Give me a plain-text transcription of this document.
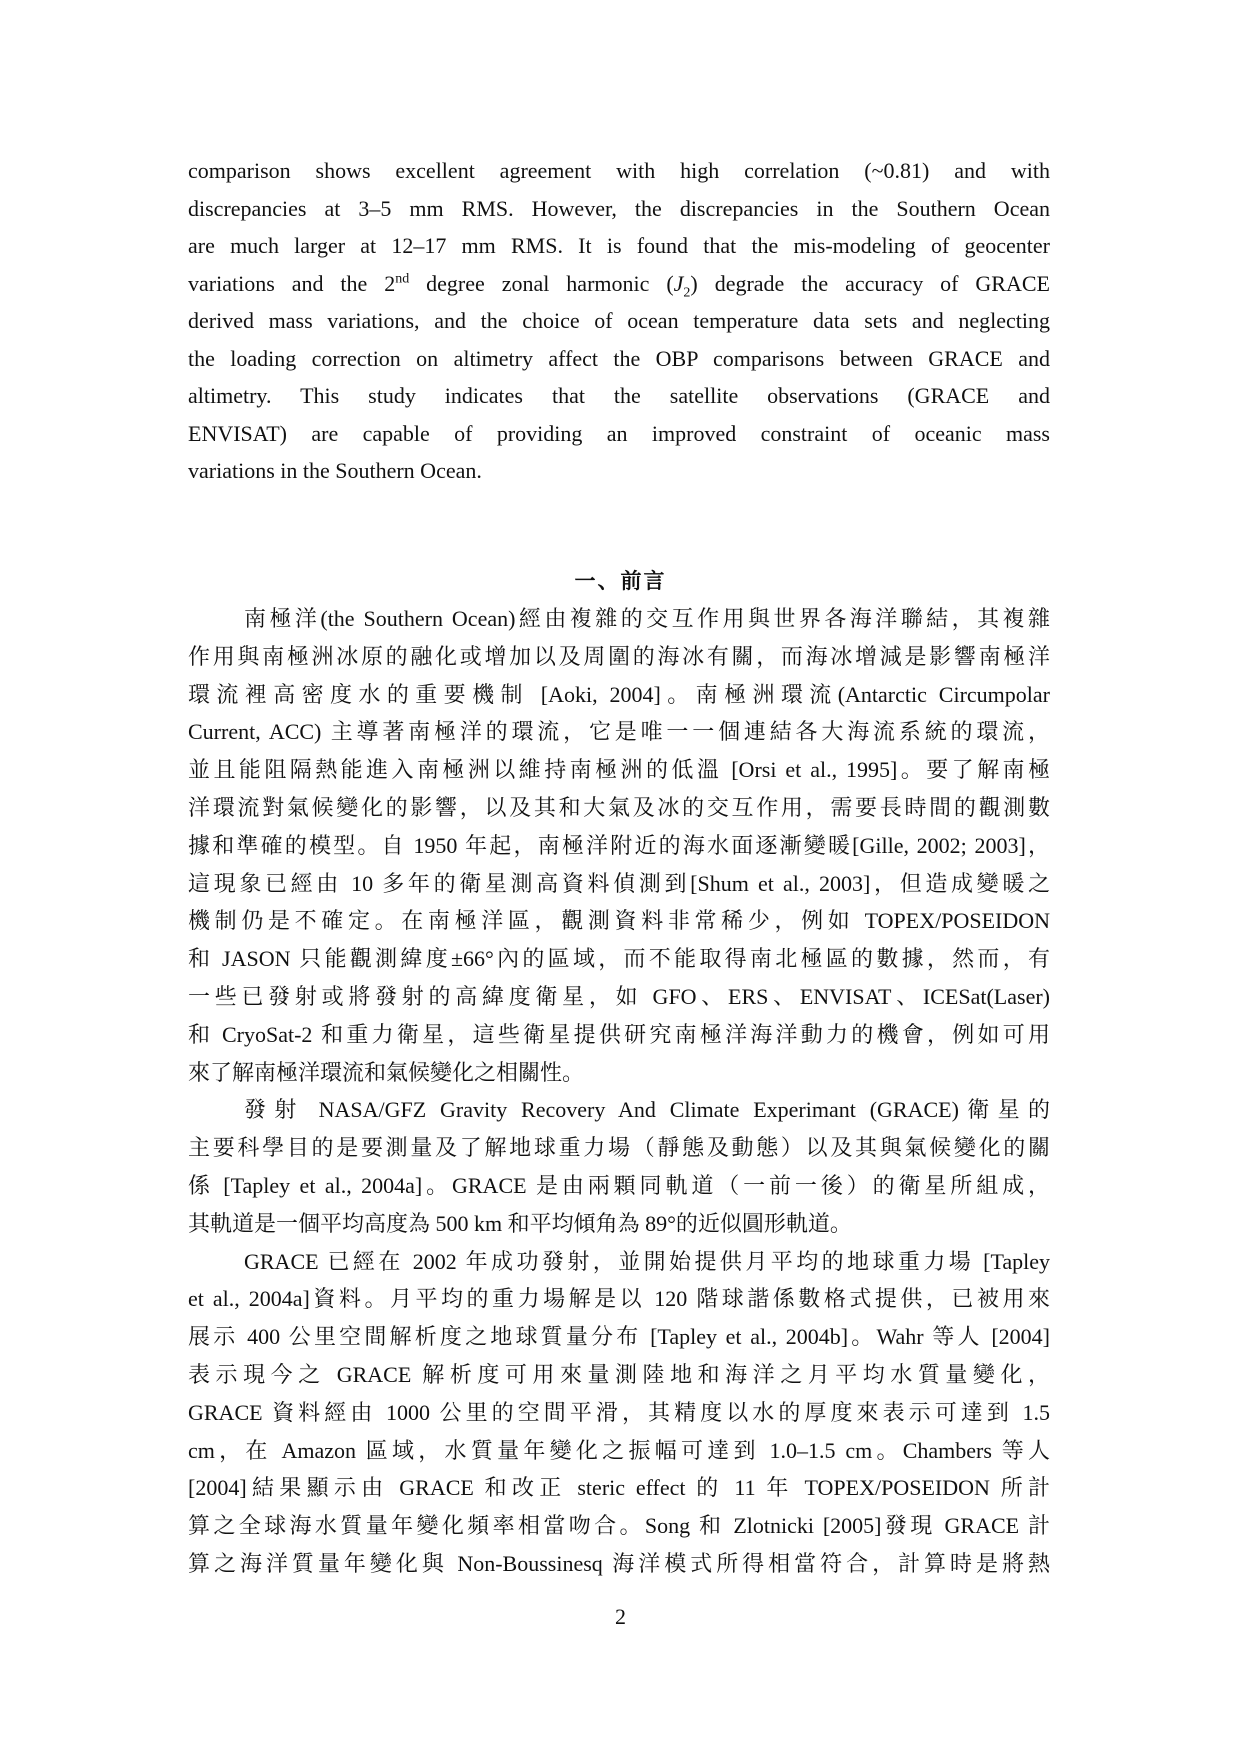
comparison shows excellent agreement with high correlation (~0.81) and with
discrepancies at 3–5 mm RMS. However, the discrepancies in the Southern Ocean
are much larger at 12–17 mm RMS. It is found that the mis-modeling of geocenter
variations and the 2nd degree zonal harmonic $(J_2)$ degrade the accuracy of GRACE
derived mass variations, and the choice of ocean temperature data sets and neglecting
the loading correction on altimetry affect the OBP comparisons between GRACE and
altimetry. This study indicates that the satellite observations (GRACE and
ENVISAT) are capable of providing an improved constraint of oceanic mass
variations in the Southern Ocean.
一、前言
南極洋(the Southern Ocean)經由複雜的交互作用與世界各海洋聯結，其複雜
作用與南極洲冰原的融化或增加以及周圍的海冰有關，而海冰增減是影響南極洋
環流裡高密度水的重要機制 [Aoki, 2004]。南極洲環流(Antarctic Circumpolar
Current, ACC) 主導著南極洋的環流，它是唯一一個連結各大海流系統的環流，
並且能阻隔熱能進入南極洲以維持南極洲的低溫 [Orsi et al., 1995]。要了解南極
洋環流對氣候變化的影響，以及其和大氣及冰的交互作用，需要長時間的觀測數
據和準確的模型。自 1950 年起，南極洋附近的海水面逐漸變暖[Gille, 2002; 2003]，
這現象已經由 10 多年的衛星測高資料偵測到[Shum et al., 2003]，但造成變暖之
機制仍是不確定。在南極洋區，觀測資料非常稀少，例如 TOPEX/POSEIDON
和 JASON 只能觀測緯度±66°內的區域，而不能取得南北極區的數據，然而，有
一些已發射或將發射的高緯度衛星，如 GFO、ERS、ENVISAT、ICESat(Laser)
和 CryoSat-2 和重力衛星，這些衛星提供研究南極洋海洋動力的機會，例如可用
來了解南極洋環流和氣候變化之相關性。
發射 NASA/GFZ Gravity Recovery And Climate Experimant (GRACE)衛星的
主要科學目的是要測量及了解地球重力場（靜態及動態）以及其與氣候變化的關
係 [Tapley et al., 2004a]。GRACE 是由兩顆同軌道（一前一後）的衛星所組成，
其軌道是一個平均高度為 500 km 和平均傾角為 89°的近似圓形軌道。
GRACE 已經在 2002 年成功發射，並開始提供月平均的地球重力場 [Tapley
et al., 2004a]資料。月平均的重力場解是以 120 階球諧係數格式提供，已被用來
展示 400 公里空間解析度之地球質量分布 [Tapley et al., 2004b]。Wahr 等人 [2004]
表示現今之 GRACE 解析度可用來量測陸地和海洋之月平均水質量變化，
GRACE 資料經由 1000 公里的空間平滑，其精度以水的厚度來表示可達到 1.5
cm，在 Amazon 區域，水質量年變化之振幅可達到 1.0–1.5 cm。Chambers 等人
[2004]結果顯示由 GRACE 和改正 steric effect 的 11 年 TOPEX/POSEIDON 所計
算之全球海水質量年變化頻率相當吻合。Song 和 Zlotnicki [2005]發現 GRACE 計
算之海洋質量年變化與 Non-Boussinesq 海洋模式所得相當符合，計算時是將熱
2
